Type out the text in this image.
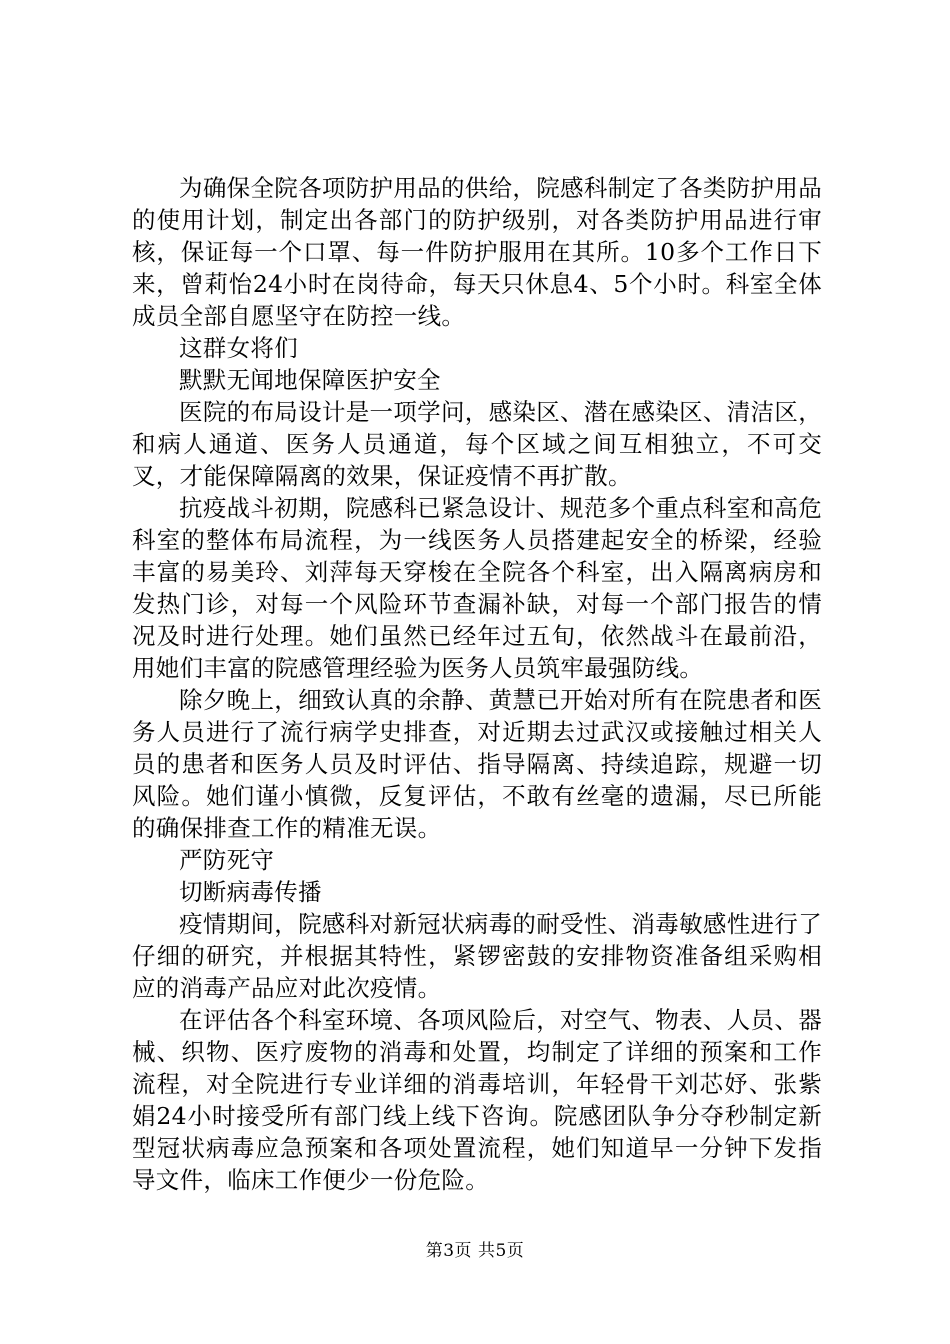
为确保全院各项防护用品的供给，院感科制定了各类防护用品的使用计划，制定出各部门的防护级别，对各类防护用品进行审核，保证每一个口罩、每一件防护服用在其所。10多个工作日下来，曾莉怡24小时在岗待命，每天只休息4、5个小时。科室全体成员全部自愿坚守在防控一线。

这群女将们

默默无闻地保障医护安全

医院的布局设计是一项学问，感染区、潜在感染区、清洁区，和病人通道、医务人员通道，每个区域之间互相独立，不可交叉，才能保障隔离的效果，保证疫情不再扩散。

抗疫战斗初期，院感科已紧急设计、规范多个重点科室和高危科室的整体布局流程，为一线医务人员搭建起安全的桥梁，经验丰富的易美玲、刘萍每天穿梭在全院各个科室，出入隔离病房和发热门诊，对每一个风险环节查漏补缺，对每一个部门报告的情况及时进行处理。她们虽然已经年过五旬，依然战斗在最前沿，用她们丰富的院感管理经验为医务人员筑牢最强防线。

除夕晚上，细致认真的余静、黄慧已开始对所有在院患者和医务人员进行了流行病学史排查，对近期去过武汉或接触过相关人员的患者和医务人员及时评估、指导隔离、持续追踪，规避一切风险。她们谨小慎微，反复评估，不敢有丝毫的遗漏，尽已所能的确保排查工作的精准无误。

严防死守

切断病毒传播

疫情期间，院感科对新冠状病毒的耐受性、消毒敏感性进行了仔细的研究，并根据其特性，紧锣密鼓的安排物资准备组采购相应的消毒产品应对此次疫情。

在评估各个科室环境、各项风险后，对空气、物表、人员、器械、织物、医疗废物的消毒和处置，均制定了详细的预案和工作流程，对全院进行专业详细的消毒培训，年轻骨干刘芯妤、张紫娟24小时接受所有部门线上线下咨询。院感团队争分夺秒制定新型冠状病毒应急预案和各项处置流程，她们知道早一分钟下发指导文件，临床工作便少一份危险。

第3页 共5页
